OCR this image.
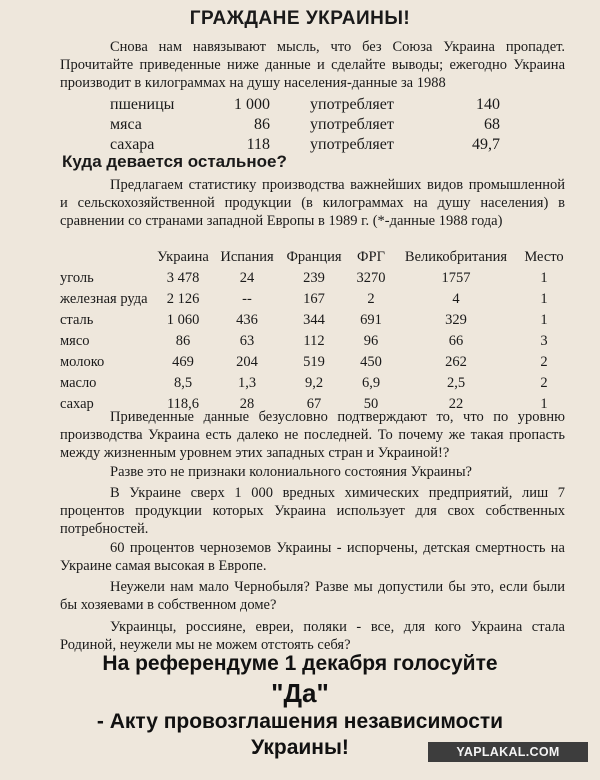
ГРАЖДАНЕ УКРАИНЫ!
Снова нам навязывают мысль, что без Союза Украина пропадет. Прочитайте приведенные ниже данные и сделайте выводы; ежегодно Украина производит в килограммах на душу населения-данные за 1988
пшеницы	1 000	употребляет	140
мяса	86	употребляет	68
сахара	118	употребляет	49,7
Куда девается остальное?
Предлагаем статистику производства важнейших видов промышленной и сельскохозяйственной продукции (в килограммах на душу населения) в сравнении со странами западной Европы в 1989 г. (*-данные 1988 года)
	Украина	Испания	Франция	ФРГ	Великобритания	Место
уголь	3 478	24	239	3270	1757	1
железная руда	2 126	--	167	2	4	1
сталь	1 060	436	344	691	329	1
мясо	86	63	112	96	66	3
молоко	469	204	519	450	262	2
масло	8,5	1,3	9,2	6,9	2,5	2
сахар	118,6	28	67	50	22	1
Приведенные данные безусловно подтверждают то, что по уровню производства Украина есть далеко не последней. То почему же такая пропасть между жизненным уровнем этих западных стран и Украиной!?
Разве это не признаки колониального состояния Украины?
В Украине сверх 1 000 вредных химических предприятий, лиш 7 процентов продукции которых Украина использует для свох собственных потребностей.
60 процентов черноземов Украины - испорчены, детская смертность на Украине самая высокая в Европе.
Неужели нам мало Чернобыля? Разве мы допустили бы это, если были бы хозяевами в собственном доме?
Украинцы, россияне, евреи, поляки - все, для кого Украина стала Родиной, неужели мы не можем отстоять себя?
На референдуме 1 декабря голосуйте
"Да"
- Акту провозглашения независимости
Украины!	YAPLAKAL.COM
